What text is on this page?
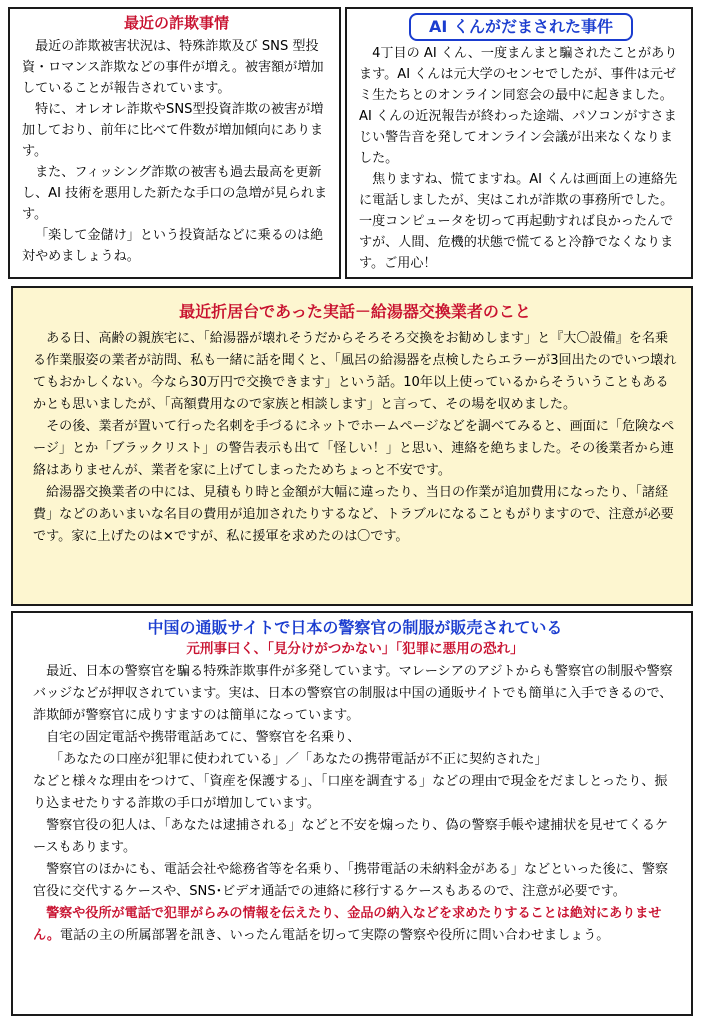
最近の詐欺事情

最近の詐欺被害状況は、特殊詐欺及び SNS 型投資・ロマンス詐欺などの事件が増え。被害額が増加していることが報告されています。

特に、オレオレ詐欺やSNS型投資詐欺の被害が増加しており、前年に比べて件数が増加傾向にあります。

また、フィッシング詐欺の被害も過去最高を更新し、AI 技術を悪用した新たな手口の急増が見られます。

「楽して金儲け」という投資話などに乗るのは絶対やめましょうね。

AI くんがだまされた事件

4丁目の AI くん、一度まんまと騙されたことがあります。AI くんは元大学のセンセでしたが、事件は元ゼミ生たちとのオンライン同窓会の最中に起きました。AI くんの近況報告が終わった途端、パソコンがすさまじい警告音を発してオンライン会議が出来なくなりました。

焦りますね、慌てますね。AI くんは画面上の連絡先に電話しましたが、実はこれが詐欺の事務所でした。一度コンピュータを切って再起動すれば良かったんですが、人間、危機的状態で慌てると冷静でなくなります。ご用心！

最近折居台であった実話－給湯器交換業者のこと

ある日、高齢の親族宅に、「給湯器が壊れそうだからそろそろ交換をお勧めします」と『大〇設備』を名乗る作業服姿の業者が訪問、私も一緒に話を聞くと、「風呂の給湯器を点検したらエラーが3回出たのでいつ壊れてもおかしくない。今なら30万円で交換できます」という話。10年以上使っているからそういうこともあるかとも思いましたが、「高額費用なので家族と相談します」と言って、その場を収めました。

その後、業者が置いて行った名刺を手づるにネットでホームページなどを調べてみると、画面に「危険なページ」とか「ブラックリスト」の警告表示も出て「怪しい！」と思い、連絡を絶ちました。その後業者から連絡はありませんが、業者を家に上げてしまったためちょっと不安です。

給湯器交換業者の中には、見積もり時と金額が大幅に違ったり、当日の作業が追加費用になったり、「諸経費」などのあいまいな名目の費用が追加されたりするなど、トラブルになることもがりますので、注意が必要です。家に上げたのは×ですが、私に援軍を求めたのは〇です。

中国の通販サイトで日本の警察官の制服が販売されている
元刑事曰く、「見分けがつかない」「犯罪に悪用の恐れ」

最近、日本の警察官を騙る特殊詐欺事件が多発しています。マレーシアのアジトからも警察官の制服や警察バッジなどが押収されています。実は、日本の警察官の制服は中国の通販サイトでも簡単に入手できるので、詐欺師が警察官に成りすますのは簡単になっています。

自宅の固定電話や携帯電話あてに、警察官を名乗り、

「あなたの口座が犯罪に使われている」／「あなたの携帯電話が不正に契約された」

などと様々な理由をつけて、「資産を保護する」、「口座を調査する」などの理由で現金をだましとったり、振り込ませたりする詐欺の手口が増加しています。

警察官役の犯人は、「あなたは逮捕される」などと不安を煽ったり、偽の警察手帳や逮捕状を見せてくるケースもあります。

警察官のほかにも、電話会社や総務省等を名乗り、「携帯電話の未納料金がある」などといった後に、警察官役に交代するケースや、SNS･ビデオ通話での連絡に移行するケースもあるので、注意が必要です。

警察や役所が電話で犯罪がらみの情報を伝えたり、金品の納入などを求めたりすることは絶対にありません。電話の主の所属部署を訊き、いったん電話を切って実際の警察や役所に問い合わせましょう。
